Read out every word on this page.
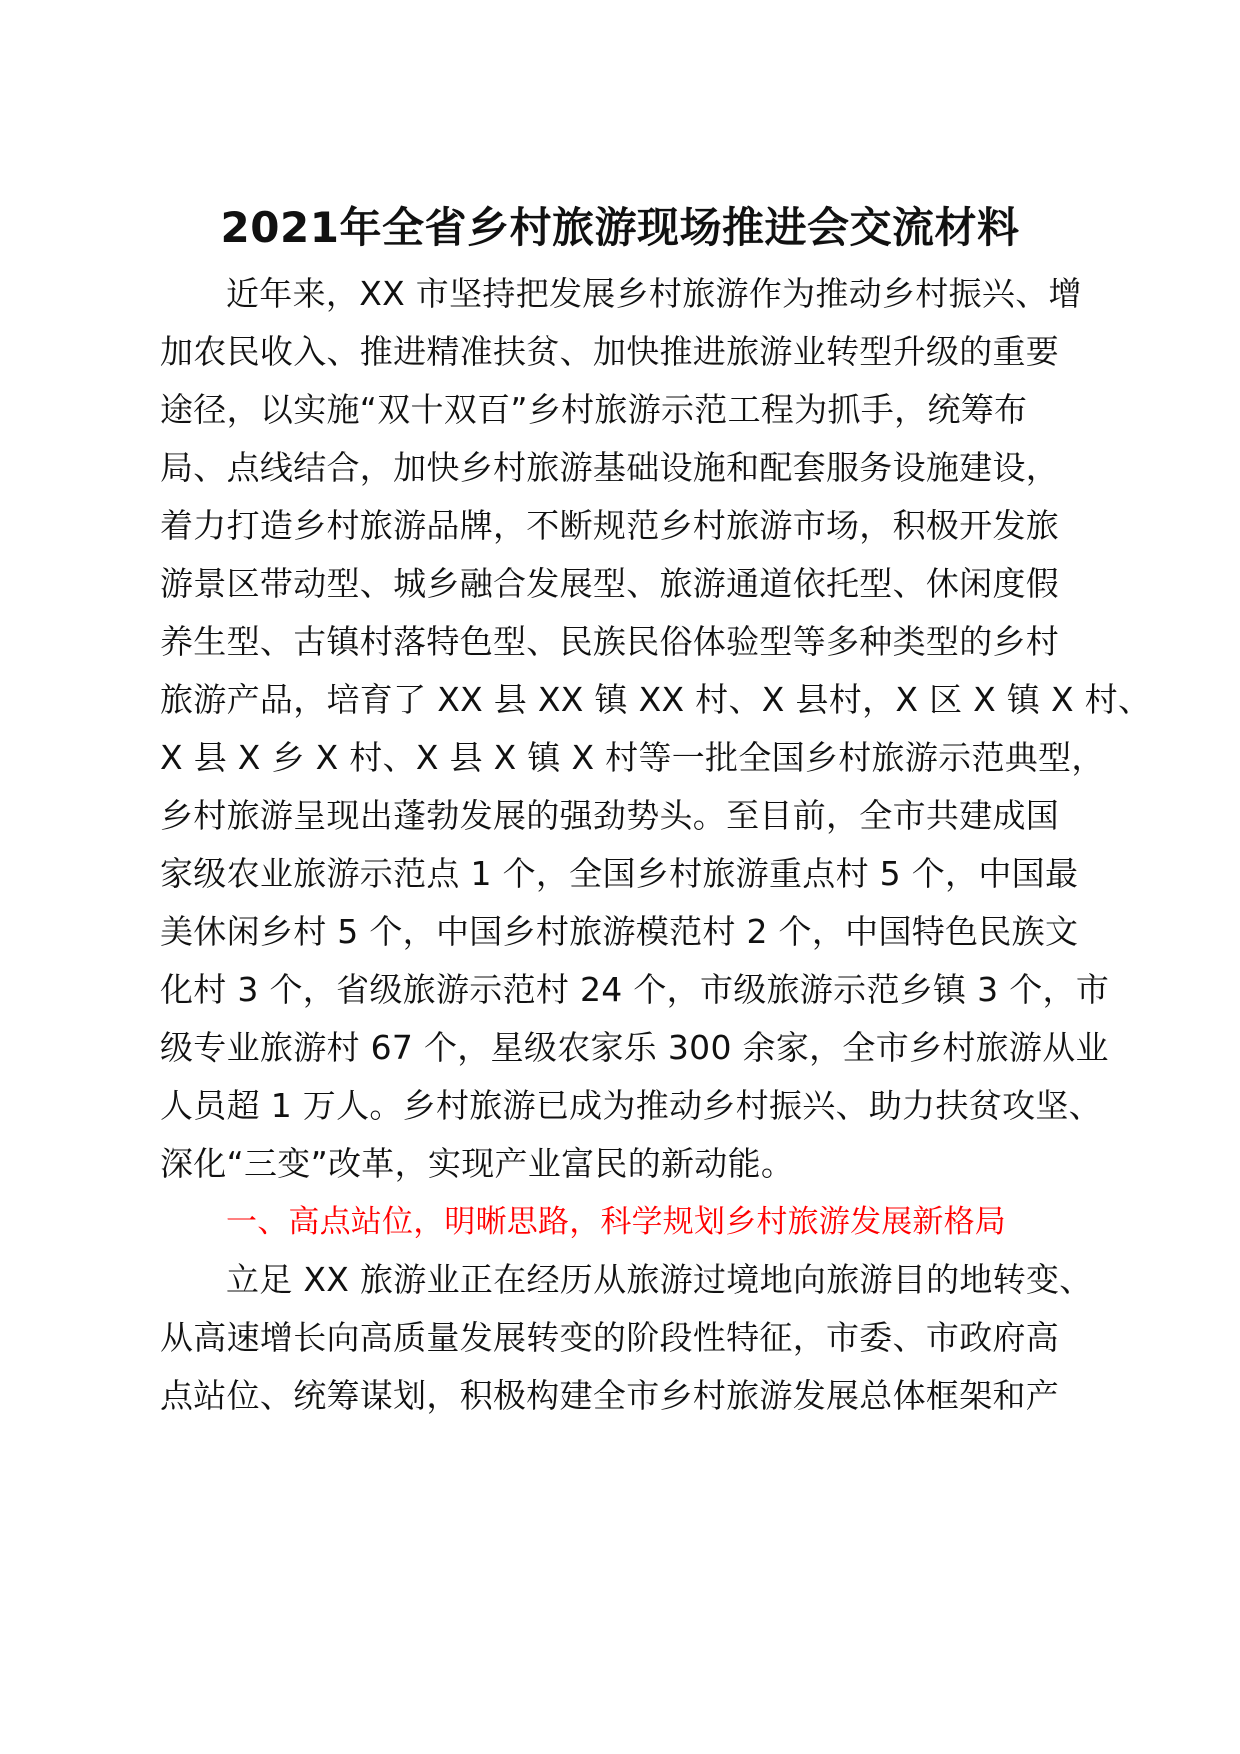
2021年全省乡村旅游现场推进会交流材料
近年来，XX 市坚持把发展乡村旅游作为推动乡村振兴、增
加农民收入、推进精准扶贫、加快推进旅游业转型升级的重要
途径，以实施“双十双百”乡村旅游示范工程为抓手，统筹布
局、点线结合，加快乡村旅游基础设施和配套服务设施建设，
着力打造乡村旅游品牌，不断规范乡村旅游市场，积极开发旅
游景区带动型、城乡融合发展型、旅游通道依托型、休闲度假
养生型、古镇村落特色型、民族民俗体验型等多种类型的乡村
旅游产品，培育了 XX 县 XX 镇 XX 村、X 县村，X 区 X 镇 X 村、
X 县 X 乡 X 村、X 县 X 镇 X 村等一批全国乡村旅游示范典型，
乡村旅游呈现出蓬勃发展的强劲势头。至目前，全市共建成国
家级农业旅游示范点 1 个，全国乡村旅游重点村 5 个，中国最
美休闲乡村 5 个，中国乡村旅游模范村 2 个，中国特色民族文
化村 3 个，省级旅游示范村 24 个，市级旅游示范乡镇 3 个，市
级专业旅游村 67 个，星级农家乐 300 余家，全市乡村旅游从业
人员超 1 万人。乡村旅游已成为推动乡村振兴、助力扶贫攻坚、
深化“三变”改革，实现产业富民的新动能。
一、高点站位，明晰思路，科学规划乡村旅游发展新格局
立足 XX 旅游业正在经历从旅游过境地向旅游目的地转变、
从高速增长向高质量发展转变的阶段性特征，市委、市政府高
点站位、统筹谋划，积极构建全市乡村旅游发展总体框架和产
